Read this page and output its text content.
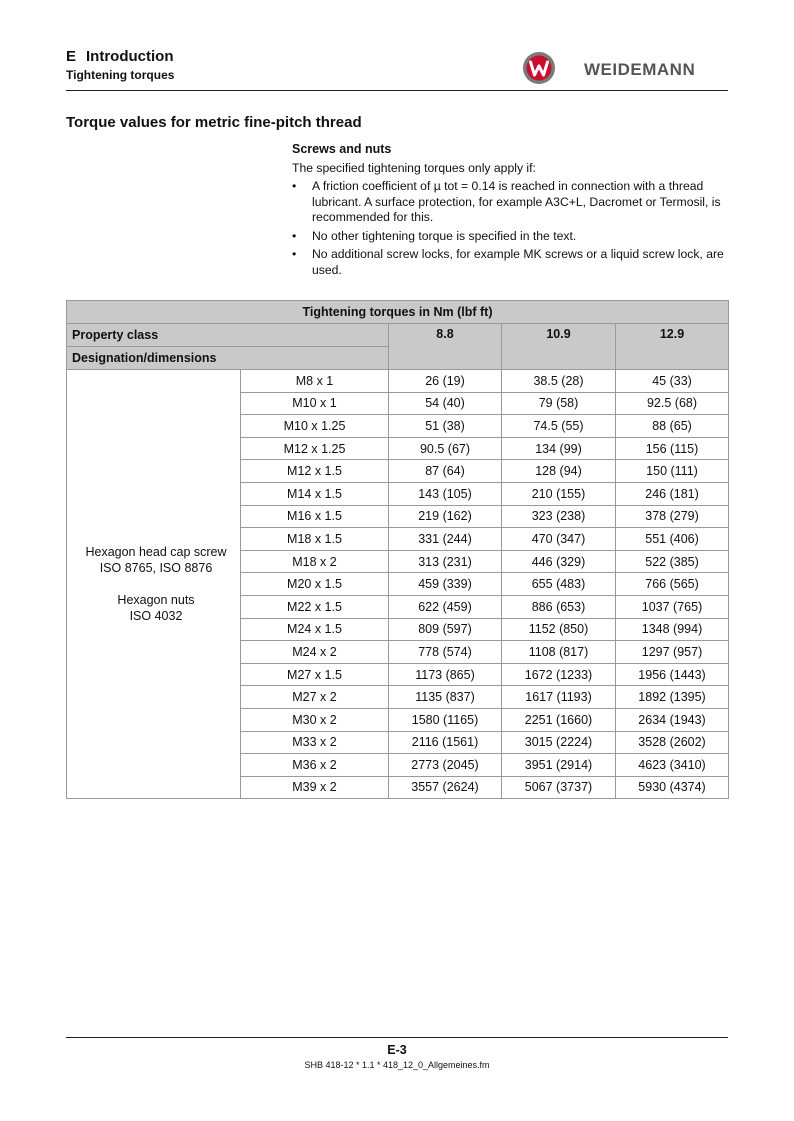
E Introduction
Tightening torques	WEIDEMANN
Torque values for metric fine-pitch thread
Screws and nuts
The specified tightening torques only apply if:
• A friction coefficient of µ tot = 0.14 is reached in connection with a thread lubricant. A surface protection, for example A3C+L, Dacromet or Termosil, is recommended for this.
• No other tightening torque is specified in the text.
• No additional screw locks, for example MK screws or a liquid screw lock, are used.
Tightening torques in Nm (lbf ft)				
Property class		8.8	10.9	12.9
Designation/dimensions				

Hexagon head cap screw
ISO 8765, ISO 8876
Hexagon nuts
ISO 4032	M8 x 1	26 (19)	38.5 (28)	45 (33)
	M10 x 1	54 (40)	79 (58)	92.5 (68)
	M10 x 1.25	51 (38)	74.5 (55)	88 (65)
	M12 x 1.25	90.5 (67)	134 (99)	156 (115)
	M12 x 1.5	87 (64)	128 (94)	150 (111)
	M14 x 1.5	143 (105)	210 (155)	246 (181)
	M16 x 1.5	219 (162)	323 (238)	378 (279)
	M18 x 1.5	331 (244)	470 (347)	551 (406)
	M18 x 2	313 (231)	446 (329)	522 (385)
	M20 x 1.5	459 (339)	655 (483)	766 (565)
	M22 x 1.5	622 (459)	886 (653)	1037 (765)
	M24 x 1.5	809 (597)	1152 (850)	1348 (994)
	M24 x 2	778 (574)	1108 (817)	1297 (957)
	M27 x 1.5	1173 (865)	1672 (1233)	1956 (1443)
	M27 x 2	1135 (837)	1617 (1193)	1892 (1395)
	M30 x 2	1580 (1165)	2251 (1660)	2634 (1943)
	M33 x 2	2116 (1561)	3015 (2224)	3528 (2602)
	M36 x 2	2773 (2045)	3951 (2914)	4623 (3410)
	M39 x 2	3557 (2624)	5067 (3737)	5930 (4374)
E-3
SHB 418-12 * 1.1 * 418_12_0_Allgemeines.fm
